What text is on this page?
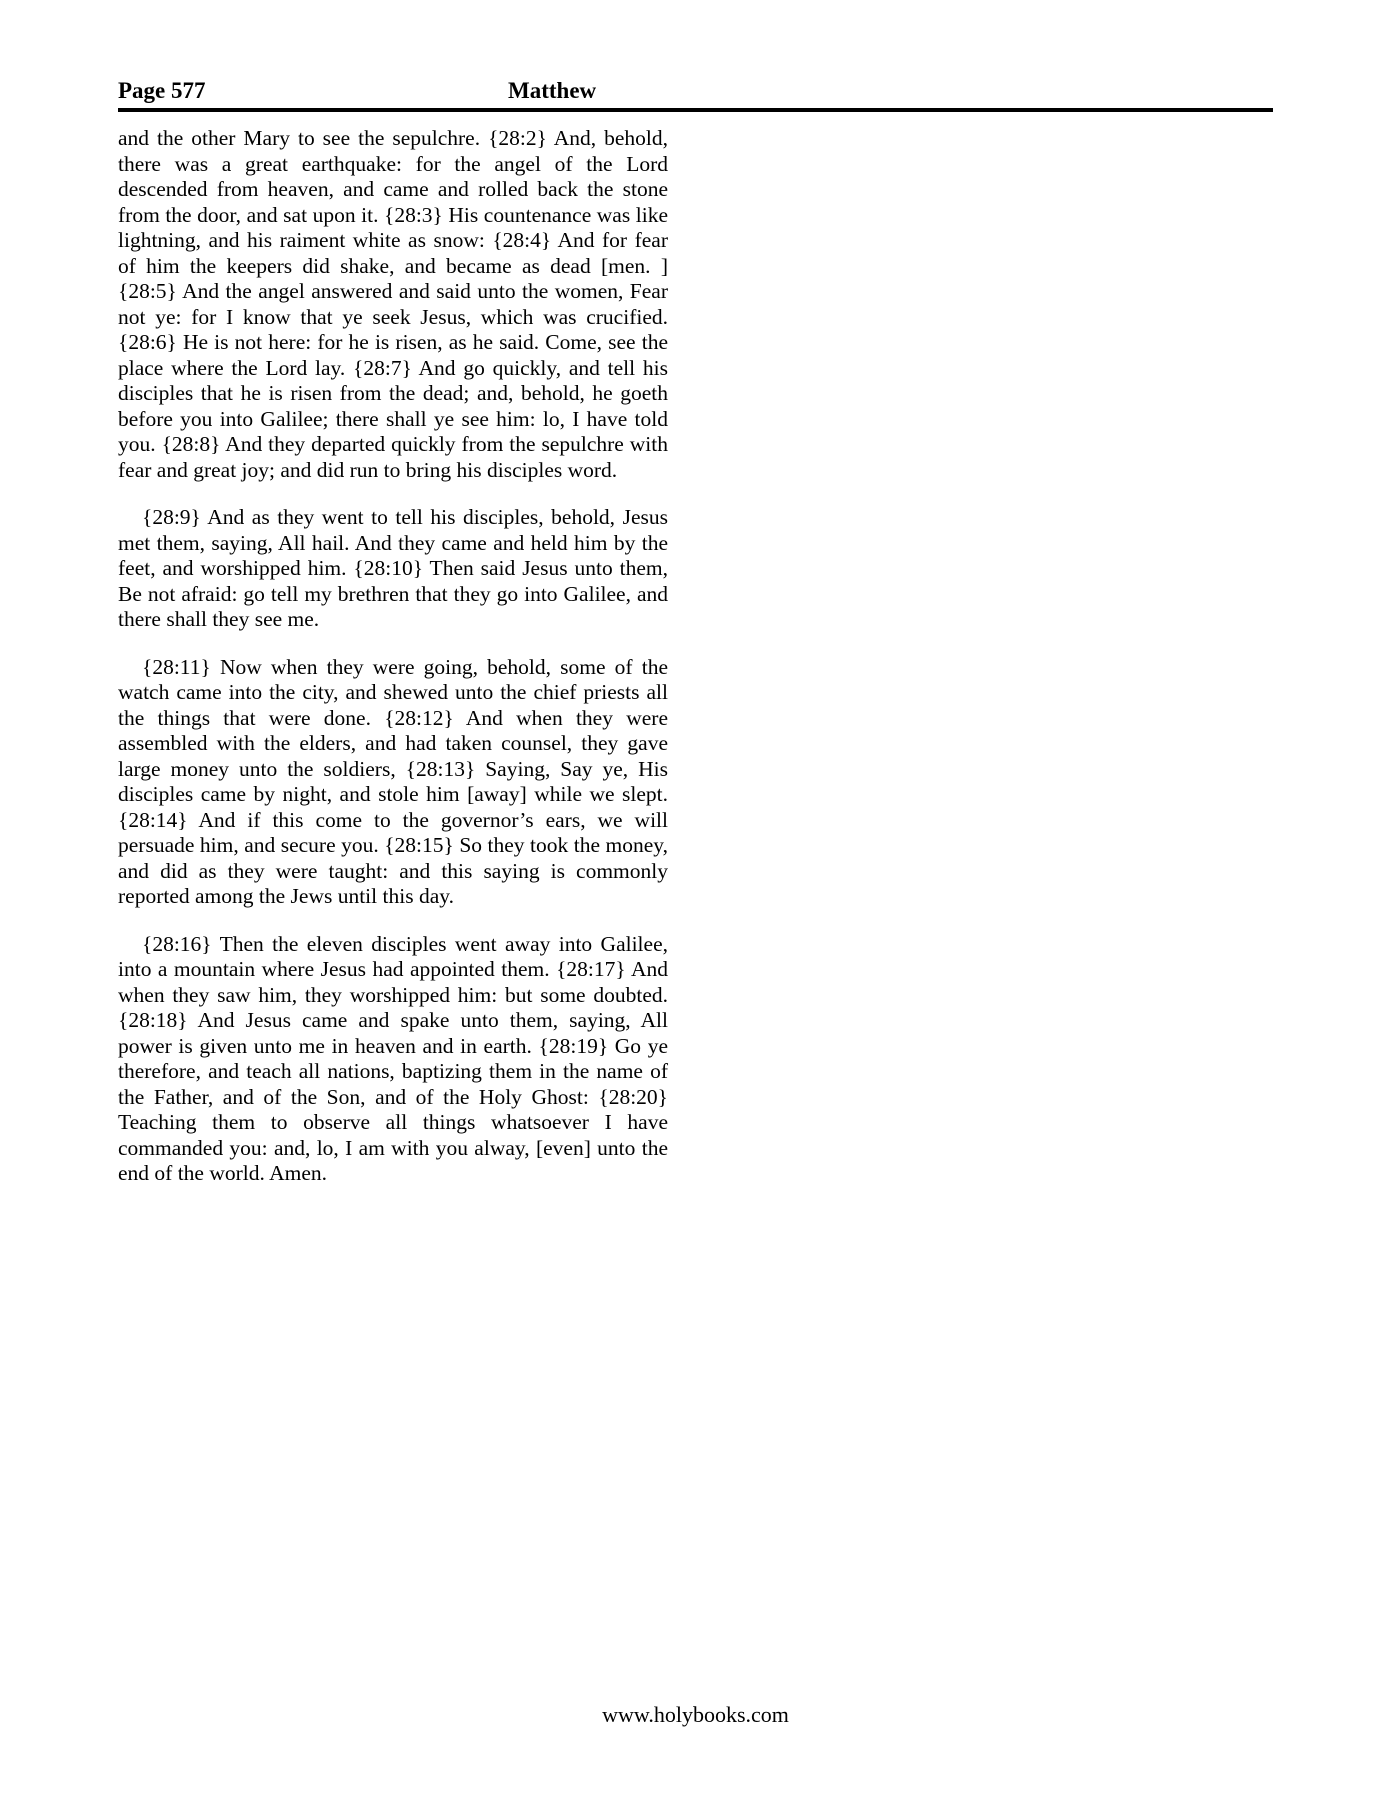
Page 577	Matthew

and the other Mary to see the sepulchre. {28:2} And, behold, there was a great earthquake: for the angel of the Lord descended from heaven, and came and rolled back the stone from the door, and sat upon it. {28:3} His countenance was like lightning, and his raiment white as snow: {28:4} And for fear of him the keepers did shake, and became as dead [men. ]{28:5} And the angel answered and said unto the women, Fear not ye: for I know that ye seek Jesus, which was crucified. {28:6} He is not here: for he is risen, as he said. Come, see the place where the Lord lay. {28:7} And go quickly, and tell his disciples that he is risen from the dead; and, behold, he goeth before you into Galilee; there shall ye see him: lo, I have told you. {28:8} And they departed quickly from the sepulchre with fear and great joy; and did run to bring his disciples word.

{28:9} And as they went to tell his disciples, behold, Jesus met them, saying, All hail. And they came and held him by the feet, and worshipped him. {28:10} Then said Jesus unto them, Be not afraid: go tell my brethren that they go into Galilee, and there shall they see me.

{28:11} Now when they were going, behold, some of the watch came into the city, and shewed unto the chief priests all the things that were done. {28:12} And when they were assembled with the elders, and had taken counsel, they gave large money unto the soldiers, {28:13} Saying, Say ye, His disciples came by night, and stole him [away] while we slept. {28:14} And if this come to the governor’s ears, we will persuade him, and secure you. {28:15} So they took the money, and did as they were taught: and this saying is commonly reported among the Jews until this day.

{28:16} Then the eleven disciples went away into Galilee, into a mountain where Jesus had appointed them. {28:17} And when they saw him, they worshipped him: but some doubted. {28:18} And Jesus came and spake unto them, saying, All power is given unto me in heaven and in earth. {28:19} Go ye therefore, and teach all nations, baptizing them in the name of the Father, and of the Son, and of the Holy Ghost: {28:20} Teaching them to observe all things whatsoever I have commanded you: and, lo, I am with you alway, [even] unto the end of the world. Amen.

www.holybooks.com
